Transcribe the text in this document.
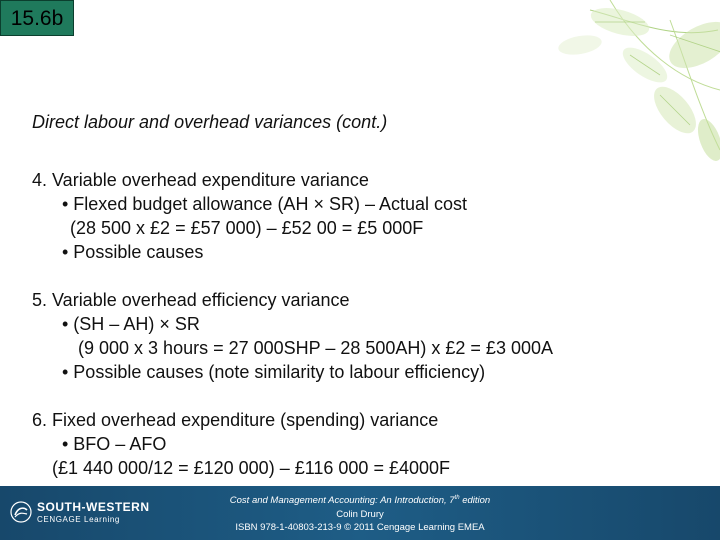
15.6b
Direct labour and overhead variances (cont.)
4. Variable overhead expenditure variance
• Flexed budget allowance (AH × SR) – Actual cost
(28 500 x £2 = £57 000) – £52 00 = £5 000F
• Possible causes
5. Variable overhead efficiency variance
• (SH – AH) × SR
(9 000 x 3 hours = 27 000SHP – 28 500AH) x £2 = £3 000A
• Possible causes (note similarity to labour efficiency)
6. Fixed overhead expenditure (spending) variance
• BFO – AFO
(£1 440 000/12 = £120 000) – £116 000 = £4000F
SOUTH-WESTERN
CENGAGE Learning
Cost and Management Accounting: An Introduction, 7th edition
Colin Drury
ISBN 978-1-40803-213-9 © 2011 Cengage Learning EMEA
